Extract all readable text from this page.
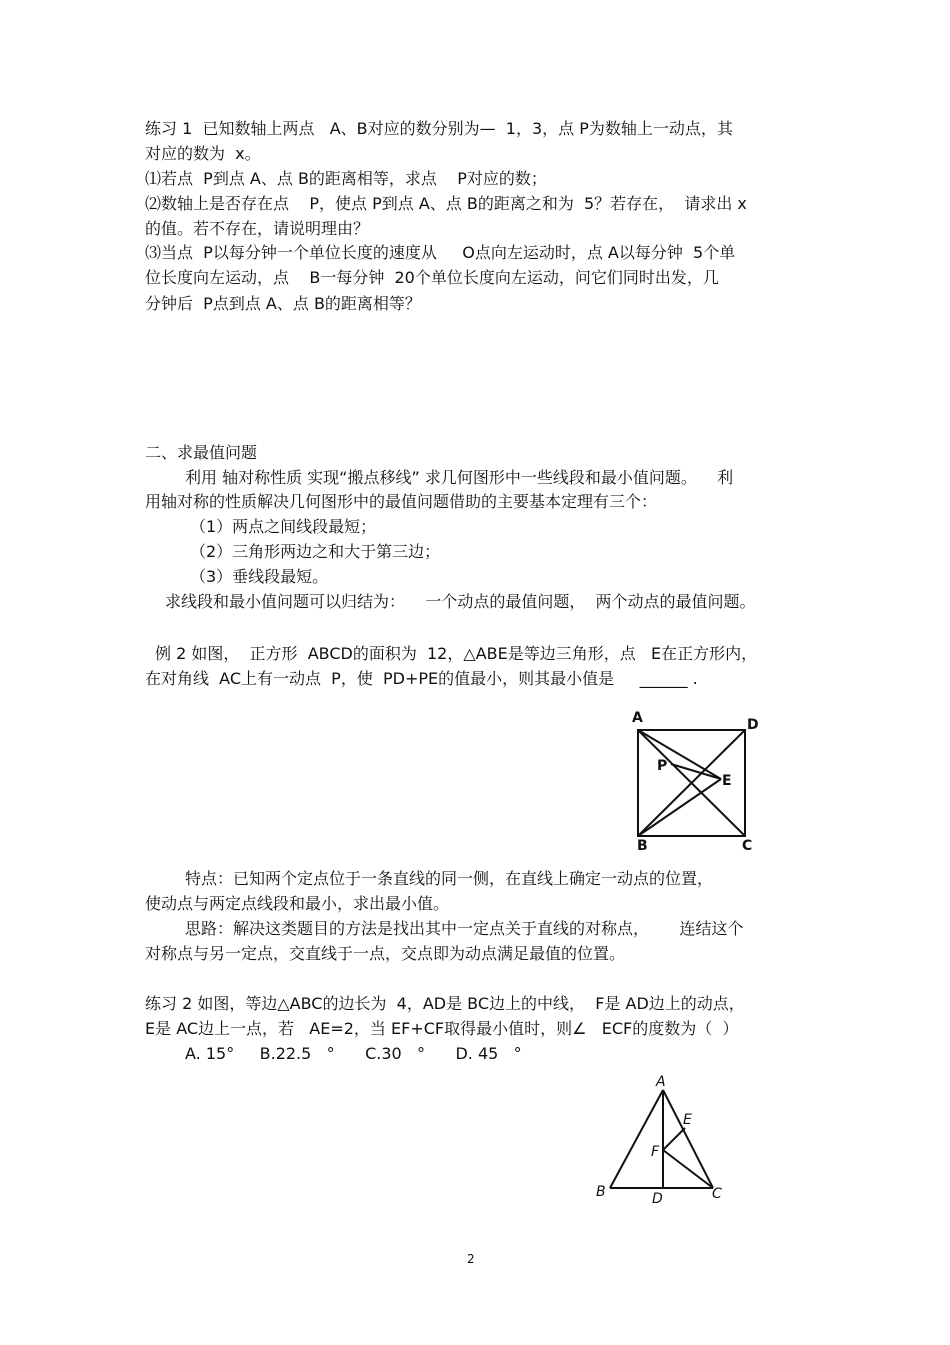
练习 1  已知数轴上两点   A、B对应的数分别为—  1，3，点 P为数轴上一动点，其
对应的数为  x。
⑴若点  P到点 A、点 B的距离相等，求点    P对应的数；
⑵数轴上是否存在点    P，使点 P到点 A、点 B的距离之和为  5？若存在，  请求出 x
的值。若不存在，请说明理由？
⑶当点  P以每分钟一个单位长度的速度从     O点向左运动时，点 A以每分钟  5个单
位长度向左运动，点    B一每分钟  20个单位长度向左运动，问它们同时出发，几
分钟后  P点到点 A、点 B的距离相等？
二、求最值问题
利用 轴对称性质 实现“搬点移线” 求几何图形中一些线段和最小值问题。    利
用轴对称的性质解决几何图形中的最值问题借助的主要基本定理有三个：
（1）两点之间线段最短；
（2）三角形两边之和大于第三边；
（3）垂线段最短。
求线段和最小值问题可以归结为：    一个动点的最值问题，  两个动点的最值问题。
例 2 如图，  正方形  ABCD的面积为  12，△ABE是等边三角形，点   E在正方形内，
在对角线  AC上有一动点  P，使  PD+PE的值最小，则其最小值是     ______ .
A	D
P
E
B	C
特点：已知两个定点位于一条直线的同一侧，在直线上确定一动点的位置，
使动点与两定点线段和最小，求出最小值。
思路：解决这类题目的方法是找出其中一定点关于直线的对称点，      连结这个
对称点与另一定点，交直线于一点，交点即为动点满足最值的位置。
练习 2 如图，等边△ABC的边长为  4，AD是 BC边上的中线，  F是 AD边上的动点，
E是 AC边上一点，若   AE=2，当 EF+CF取得最小值时，则∠   ECF的度数为（  ）
A. 15°     B.22.5   °      C.30   °      D. 45   °
A
E
F
B	D	C
2
